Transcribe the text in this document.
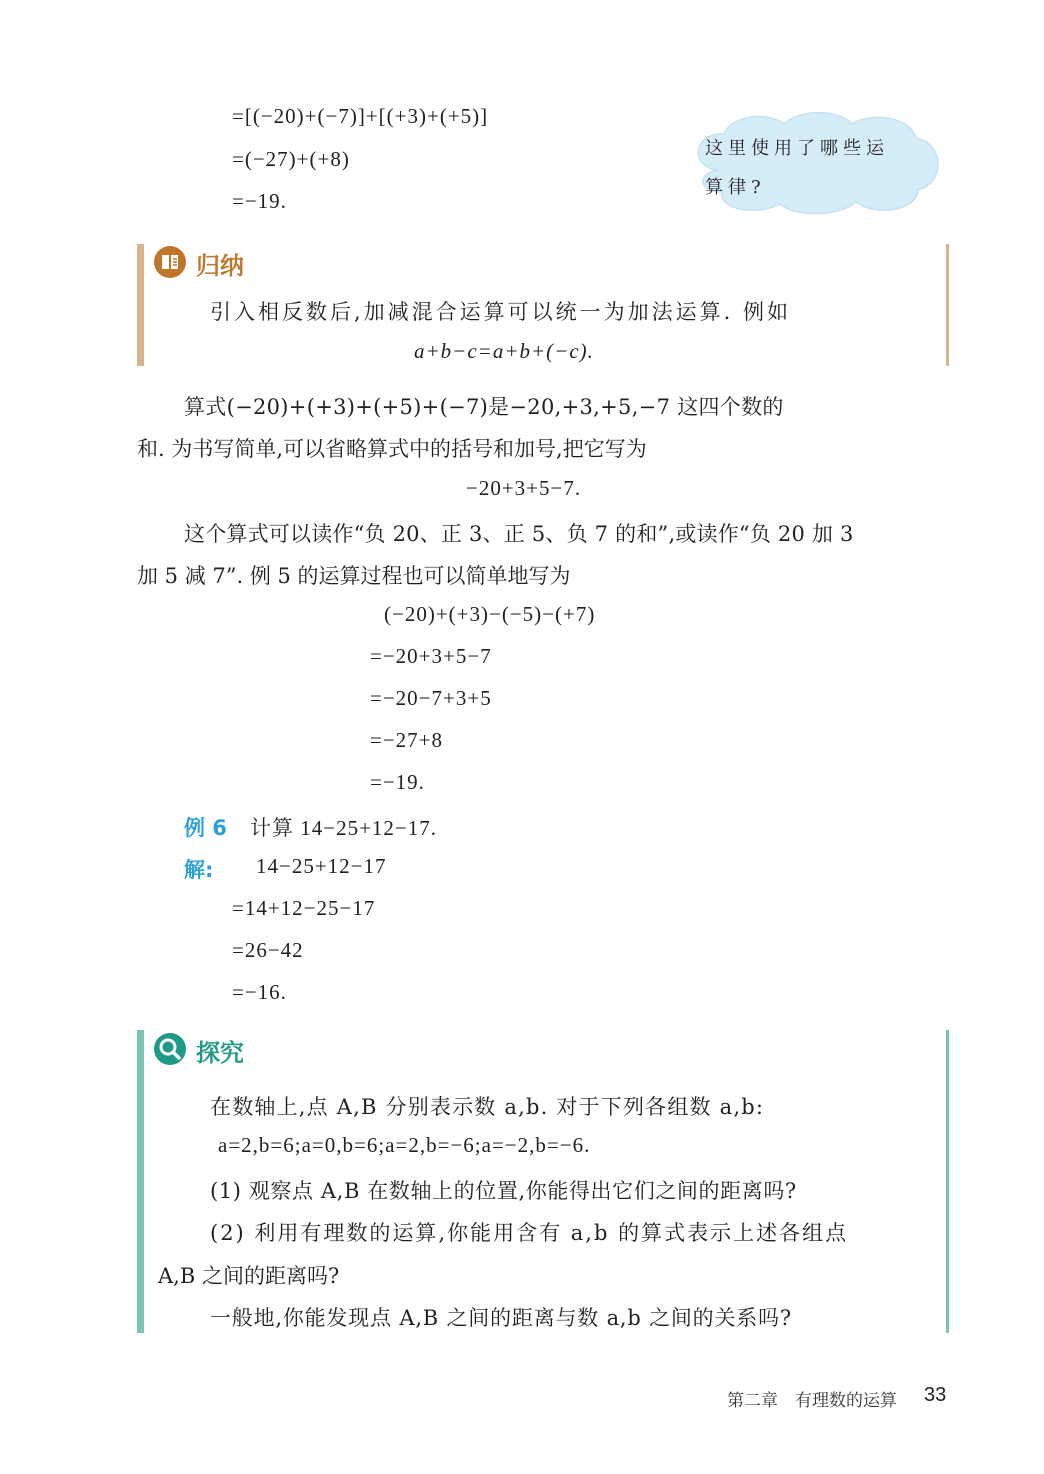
=[(−20)+(−7)]+[(+3)+(+5)]
=(−27)+(+8)
=−19.
这里使用了哪些运
算律?
归纳
引入相反数后,加减混合运算可以统一为加法运算. 例如
a+b−c=a+b+(−c).
算式(−20)+(+3)+(+5)+(−7)是−20,+3,+5,−7 这四个数的
和. 为书写简单,可以省略算式中的括号和加号,把它写为
−20+3+5−7.
这个算式可以读作“负 20、正 3、正 5、负 7 的和”,或读作“负 20 加 3
加 5 减 7”. 例 5 的运算过程也可以简单地写为
(−20)+(+3)−(−5)−(+7)
=−20+3+5−7
=−20−7+3+5
=−27+8
=−19.
例 6 计算 14−25+12−17.
解: 14−25+12−17
=14+12−25−17
=26−42
=−16.
探究
在数轴上,点 A,B 分别表示数 a,b. 对于下列各组数 a,b:
a=2,b=6;a=0,b=6;a=2,b=−6;a=−2,b=−6.
(1) 观察点 A,B 在数轴上的位置,你能得出它们之间的距离吗?
(2) 利用有理数的运算,你能用含有 a,b 的算式表示上述各组点
A,B 之间的距离吗?
一般地,你能发现点 A,B 之间的距离与数 a,b 之间的关系吗?
第二章　有理数的运算 33
